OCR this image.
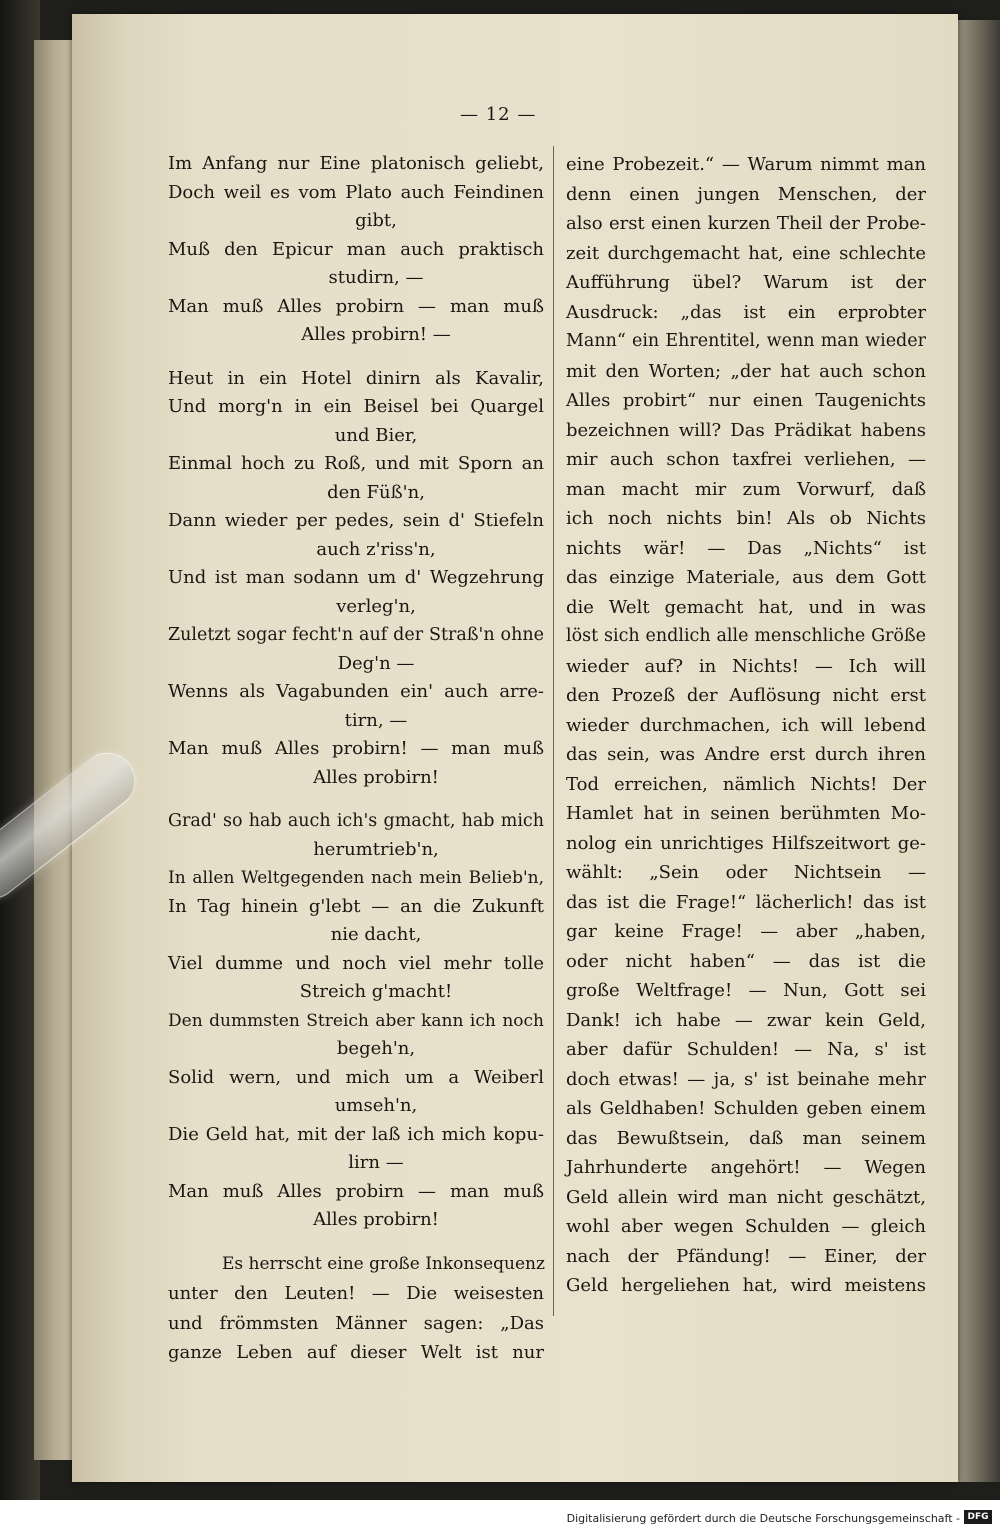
— 12 —
Im Anfang nur Eine platonisch geliebt,
Doch weil es vom Plato auch Feindinen
gibt,
Muß den Epicur man auch praktisch
studirn, —
Man muß Alles probirn — man muß
Alles probirn! —
Heut in ein Hotel dinirn als Kavalir,
Und morg'n in ein Beisel bei Quargel
und Bier,
Einmal hoch zu Roß, und mit Sporn an
den Füß'n,
Dann wieder per pedes, sein d' Stiefeln
auch z'riss'n,
Und ist man sodann um d' Wegzehrung
verleg'n,
Zuletzt sogar fecht'n auf der Straß'n ohne
Deg'n —
Wenns als Vagabunden ein' auch arre-
tirn, —
Man muß Alles probirn! — man muß
Alles probirn!
Grad' so hab auch ich's gmacht, hab mich
herumtrieb'n,
In allen Weltgegenden nach mein Belieb'n,
In Tag hinein g'lebt — an die Zukunft
nie dacht,
Viel dumme und noch viel mehr tolle
Streich g'macht!
Den dummsten Streich aber kann ich noch
begeh'n,
Solid wern, und mich um a Weiberl
umseh'n,
Die Geld hat, mit der laß ich mich kopu-
lirn —
Man muß Alles probirn — man muß
Alles probirn!
Es herrscht eine große Inkonsequenz
unter den Leuten! — Die weisesten
und frömmsten Männer sagen: „Das
ganze Leben auf dieser Welt ist nur
eine Probezeit.“ — Warum nimmt man
denn einen jungen Menschen, der
also erst einen kurzen Theil der Probe-
zeit durchgemacht hat, eine schlechte
Aufführung übel? Warum ist der
Ausdruck: „das ist ein erprobter
Mann“ ein Ehrentitel, wenn man wieder
mit den Worten; „der hat auch schon
Alles probirt“ nur einen Taugenichts
bezeichnen will? Das Prädikat habens
mir auch schon taxfrei verliehen, —
man macht mir zum Vorwurf, daß
ich noch nichts bin! Als ob Nichts
nichts wär! — Das „Nichts“ ist
das einzige Materiale, aus dem Gott
die Welt gemacht hat, und in was
löst sich endlich alle menschliche Größe
wieder auf? in Nichts! — Ich will
den Prozeß der Auflösung nicht erst
wieder durchmachen, ich will lebend
das sein, was Andre erst durch ihren
Tod erreichen, nämlich Nichts! Der
Hamlet hat in seinen berühmten Mo-
nolog ein unrichtiges Hilfszeitwort ge-
wählt: „Sein oder Nichtsein —
das ist die Frage!“ lächerlich! das ist
gar keine Frage! — aber „haben,
oder nicht haben“ — das ist die
große Weltfrage! — Nun, Gott sei
Dank! ich habe — zwar kein Geld,
aber dafür Schulden! — Na, s' ist
doch etwas! — ja, s' ist beinahe mehr
als Geldhaben! Schulden geben einem
das Bewußtsein, daß man seinem
Jahrhunderte angehört! — Wegen
Geld allein wird man nicht geschätzt,
wohl aber wegen Schulden — gleich
nach der Pfändung! — Einer, der
Geld hergeliehen hat, wird meistens
Digitalisierung gefördert durch die Deutsche Forschungsgemeinschaft - DFG
